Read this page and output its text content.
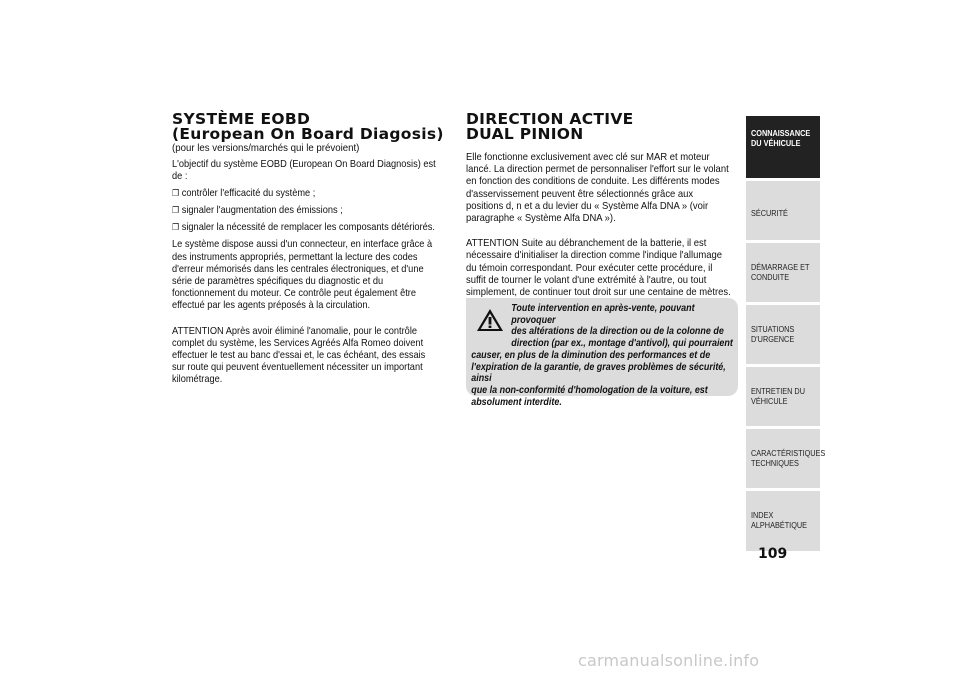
SYSTÈME EOBD
(European On Board Diagosis)
(pour les versions/marchés qui le prévoient)

L'objectif du système EOBD (European On Board Diagnosis) est de :

❐ contrôler l'efficacité du système ;
❐ signaler l'augmentation des émissions ;
❐ signaler la nécessité de remplacer les composants détériorés.

Le système dispose aussi d'un connecteur, en interface grâce à des instruments appropriés, permettant la lecture des codes d'erreur mémorisés dans les centrales électroniques, et d'une série de paramètres spécifiques du diagnostic et du fonctionnement du moteur. Ce contrôle peut également être effectué par les agents préposés à la circulation.

ATTENTION Après avoir éliminé l'anomalie, pour le contrôle complet du système, les Services Agréés Alfa Romeo doivent effectuer le test au banc d'essai et, le cas échéant, des essais sur route qui peuvent éventuellement nécessiter un important kilométrage.

DIRECTION ACTIVE
DUAL PINION

Elle fonctionne exclusivement avec clé sur MAR et moteur lancé. La direction permet de personnaliser l'effort sur le volant en fonction des conditions de conduite. Les différents modes d'asservissement peuvent être sélectionnés grâce aux positions d, n et a du levier du « Système Alfa DNA » (voir paragraphe « Système Alfa DNA »).

ATTENTION Suite au débranchement de la batterie, il est nécessaire d'initialiser la direction comme l'indique l'allumage du témoin correspondant. Pour exécuter cette procédure, il suffit de tourner le volant d'une extrémité à l'autre, ou tout simplement, de continuer tout droit sur une centaine de mètres.

Toute intervention en après-vente, pouvant provoquer
des altérations de la direction ou de la colonne de
direction (par ex., montage d'antivol), qui pourraient
causer, en plus de la diminution des performances et de
l'expiration de la garantie, de graves problèmes de sécurité, ainsi
que la non-conformité d'homologation de la voiture, est
absolument interdite.
CONNAISSANCE
DU VÉHICULE
SÉCURITÉ
DÉMARRAGE ET
CONDUITE
SITUATIONS
D'URGENCE
ENTRETIEN DU
VÉHICULE
CARACTÉRISTIQUES
TECHNIQUES
INDEX
ALPHABÉTIQUE
109
carmanualsonline.info
